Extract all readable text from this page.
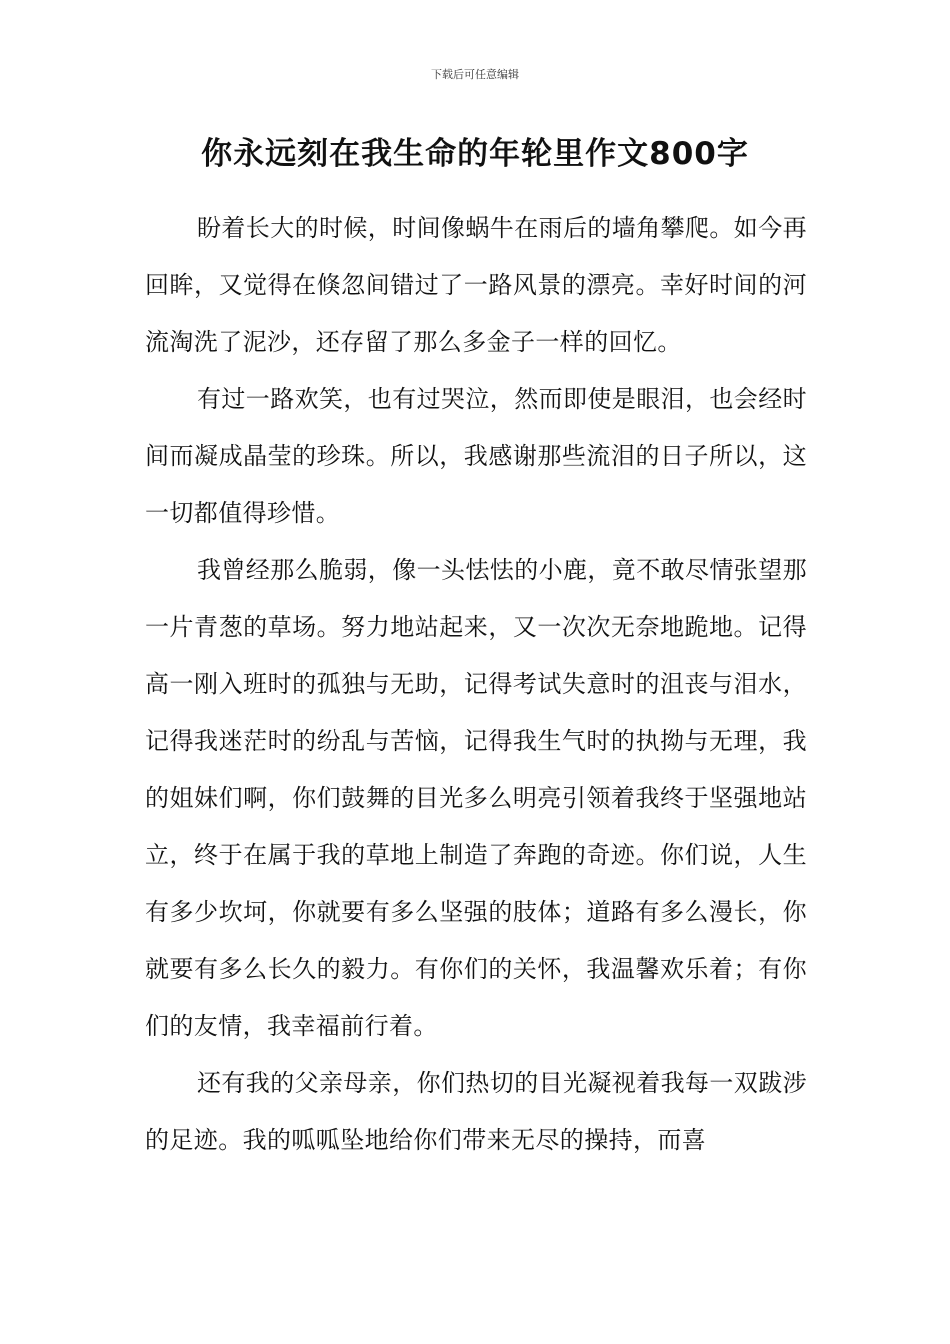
下载后可任意编辑
你永远刻在我生命的年轮里作文800字

盼着长大的时候，时间像蜗牛在雨后的墙角攀爬。如今再回眸，又觉得在倏忽间错过了一路风景的漂亮。幸好时间的河流淘洗了泥沙，还存留了那么多金子一样的回忆。

有过一路欢笑，也有过哭泣，然而即使是眼泪，也会经时间而凝成晶莹的珍珠。所以，我感谢那些流泪的日子所以，这一切都值得珍惜。

我曾经那么脆弱，像一头怯怯的小鹿，竟不敢尽情张望那一片青葱的草场。努力地站起来，又一次次无奈地跪地。记得高一刚入班时的孤独与无助，记得考试失意时的沮丧与泪水，记得我迷茫时的纷乱与苦恼，记得我生气时的执拗与无理，我的姐妹们啊，你们鼓舞的目光多么明亮引领着我终于坚强地站立，终于在属于我的草地上制造了奔跑的奇迹。你们说，人生有多少坎坷，你就要有多么坚强的肢体；道路有多么漫长，你就要有多么长久的毅力。有你们的关怀，我温馨欢乐着；有你们的友情，我幸福前行着。

还有我的父亲母亲，你们热切的目光凝视着我每一双跋涉的足迹。我的呱呱坠地给你们带来无尽的操持，而喜
